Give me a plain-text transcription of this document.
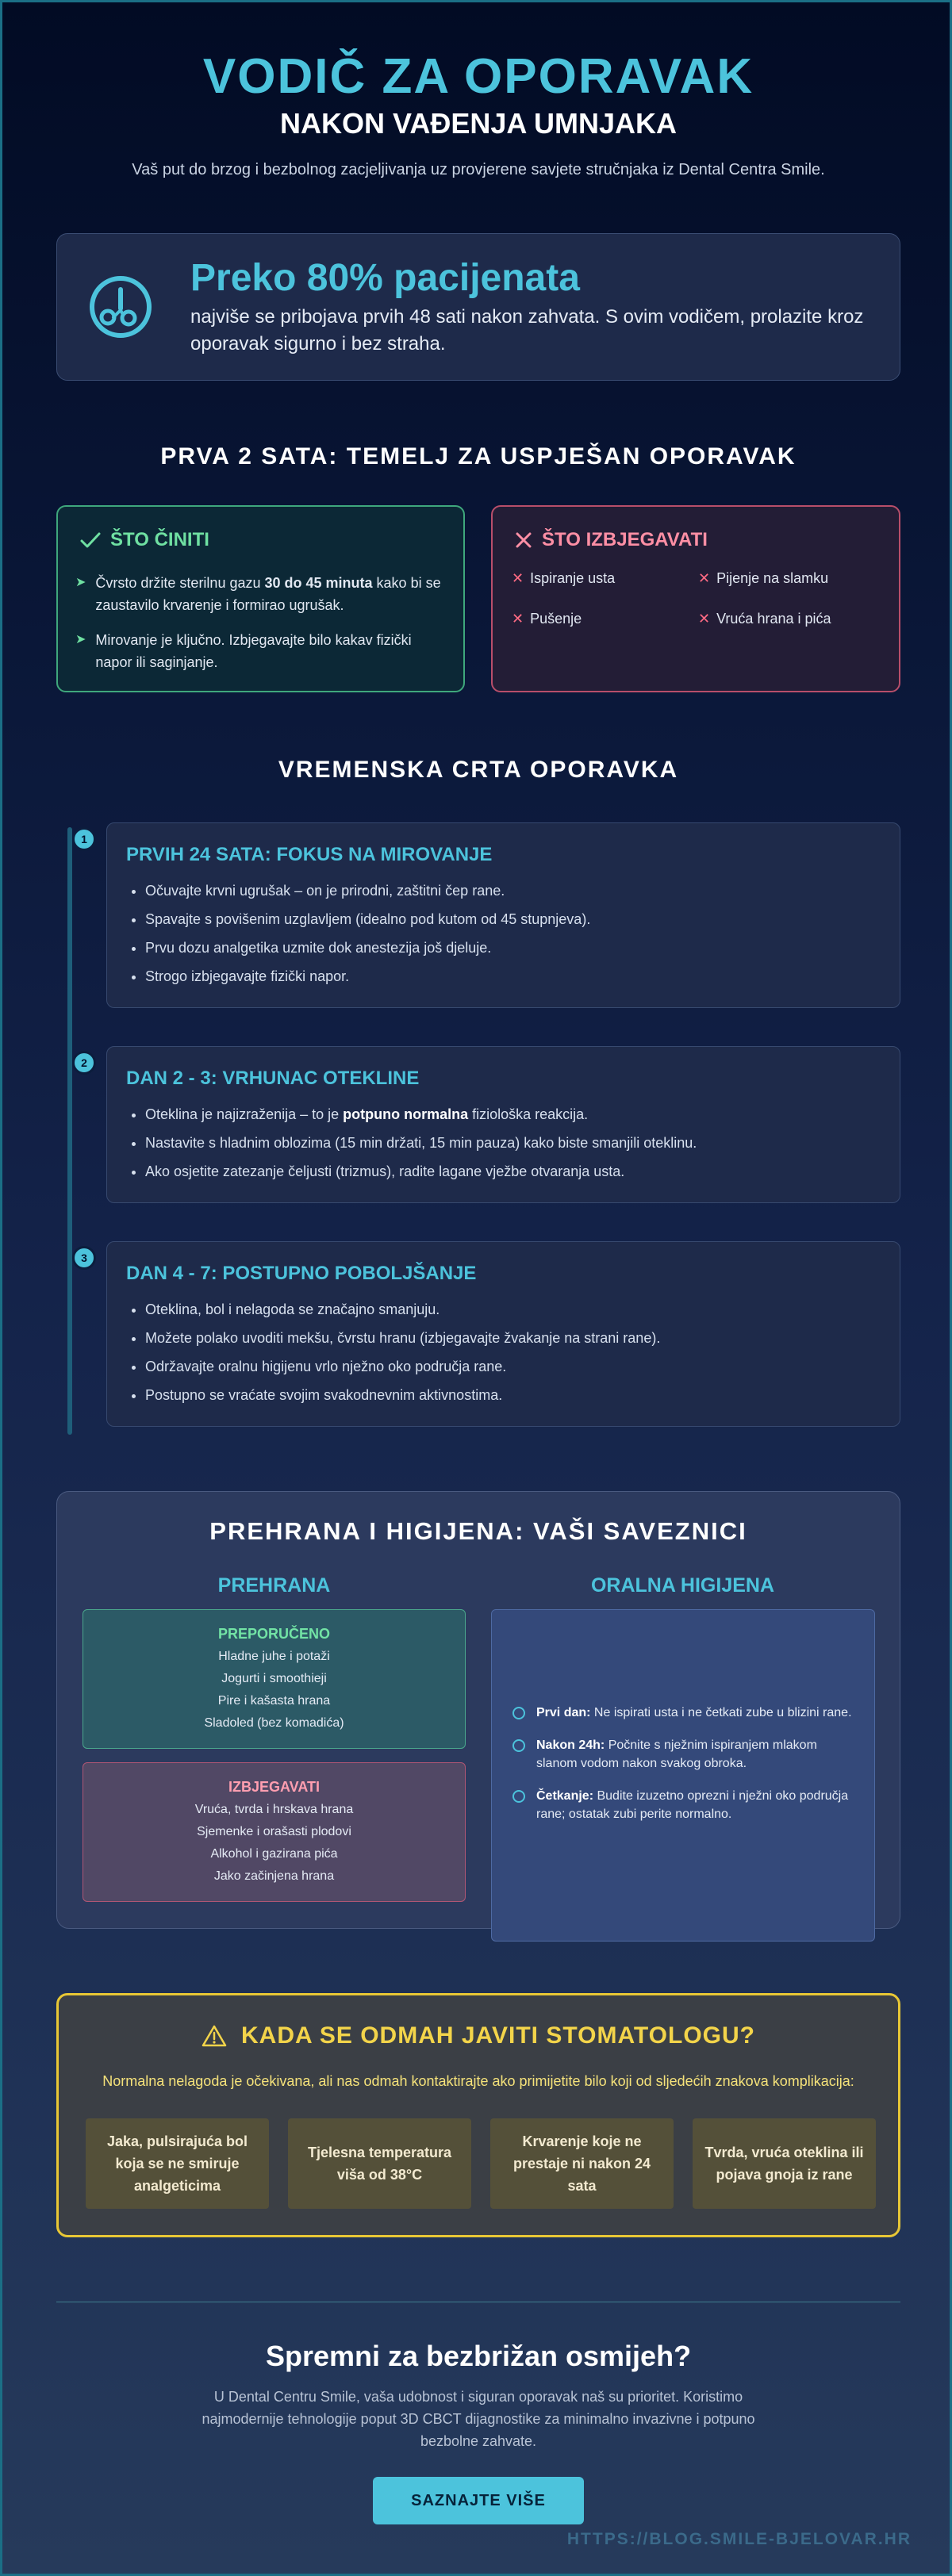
VODIČ ZA OPORAVAK
NAKON VAĐENJA UMNJAKA
Vaš put do brzog i bezbolnog zacjeljivanja uz provjerene savjete stručnjaka iz Dental Centra Smile.
Preko 80% pacijenata
najviše se pribojava prvih 48 sati nakon zahvata. S ovim vodičem, prolazite kroz oporavak sigurno i bez straha.
PRVA 2 SATA: TEMELJ ZA USPJEŠAN OPORAVAK
ŠTO ČINITI
➤ Čvrsto držite sterilnu gazu 30 do 45 minuta kako bi se zaustavilo krvarenje i formirao ugrušak.
➤ Mirovanje je ključno. Izbjegavajte bilo kakav fizički napor ili saginjanje.
ŠTO IZBJEGAVATI
✕ Ispiranje usta	✕ Pijenje na slamku
✕ Pušenje	✕ Vruća hrana i pića
VREMENSKA CRTA OPORAVKA
1
PRVIH 24 SATA: FOKUS NA MIROVANJE
• Očuvajte krvni ugrušak – on je prirodni, zaštitni čep rane.
• Spavajte s povišenim uzglavljem (idealno pod kutom od 45 stupnjeva).
• Prvu dozu analgetika uzmite dok anestezija još djeluje.
• Strogo izbjegavajte fizički napor.
2
DAN 2 - 3: VRHUNAC OTEKLINE
• Oteklina je najizraženija – to je potpuno normalna fiziološka reakcija.
• Nastavite s hladnim oblozima (15 min držati, 15 min pauza) kako biste smanjili oteklinu.
• Ako osjetite zatezanje čeljusti (trizmus), radite lagane vježbe otvaranja usta.
3
DAN 4 - 7: POSTUPNO POBOLJŠANJE
• Oteklina, bol i nelagoda se značajno smanjuju.
• Možete polako uvoditi mekšu, čvrstu hranu (izbjegavajte žvakanje na strani rane).
• Održavajte oralnu higijenu vrlo nježno oko područja rane.
• Postupno se vraćate svojim svakodnevnim aktivnostima.
PREHRANA I HIGIJENA: VAŠI SAVEZNICI
PREHRANA	ORALNA HIGIJENA
PREPORUČENO
Hladne juhe i potaži
Jogurti i smoothieji
Pire i kašasta hrana
Sladoled (bez komadića)
IZBJEGAVATI
Vruća, tvrda i hrskava hrana
Sjemenke i orašasti plodovi
Alkohol i gazirana pića
Jako začinjena hrana
Prvi dan: Ne ispirati usta i ne četkati zube u blizini rane.
Nakon 24h: Počnite s nježnim ispiranjem mlakom slanom vodom nakon svakog obroka.
Četkanje: Budite izuzetno oprezni i nježni oko područja rane; ostatak zubi perite normalno.
KADA SE ODMAH JAVITI STOMATOLOGU?
Normalna nelagoda je očekivana, ali nas odmah kontaktirajte ako primijetite bilo koji od sljedećih znakova komplikacija:
Jaka, pulsirajuća bol koja se ne smiruje analgeticima
Tjelesna temperatura viša od 38°C
Krvarenje koje ne prestaje ni nakon 24 sata
Tvrda, vruća oteklina ili pojava gnoja iz rane
Spremni za bezbrižan osmijeh?
U Dental Centru Smile, vaša udobnost i siguran oporavak naš su prioritet. Koristimo najmodernije tehnologije poput 3D CBCT dijagnostike za minimalno invazivne i potpuno bezbolne zahvate.
SAZNAJTE VIŠE
HTTPS://BLOG.SMILE-BJELOVAR.HR
